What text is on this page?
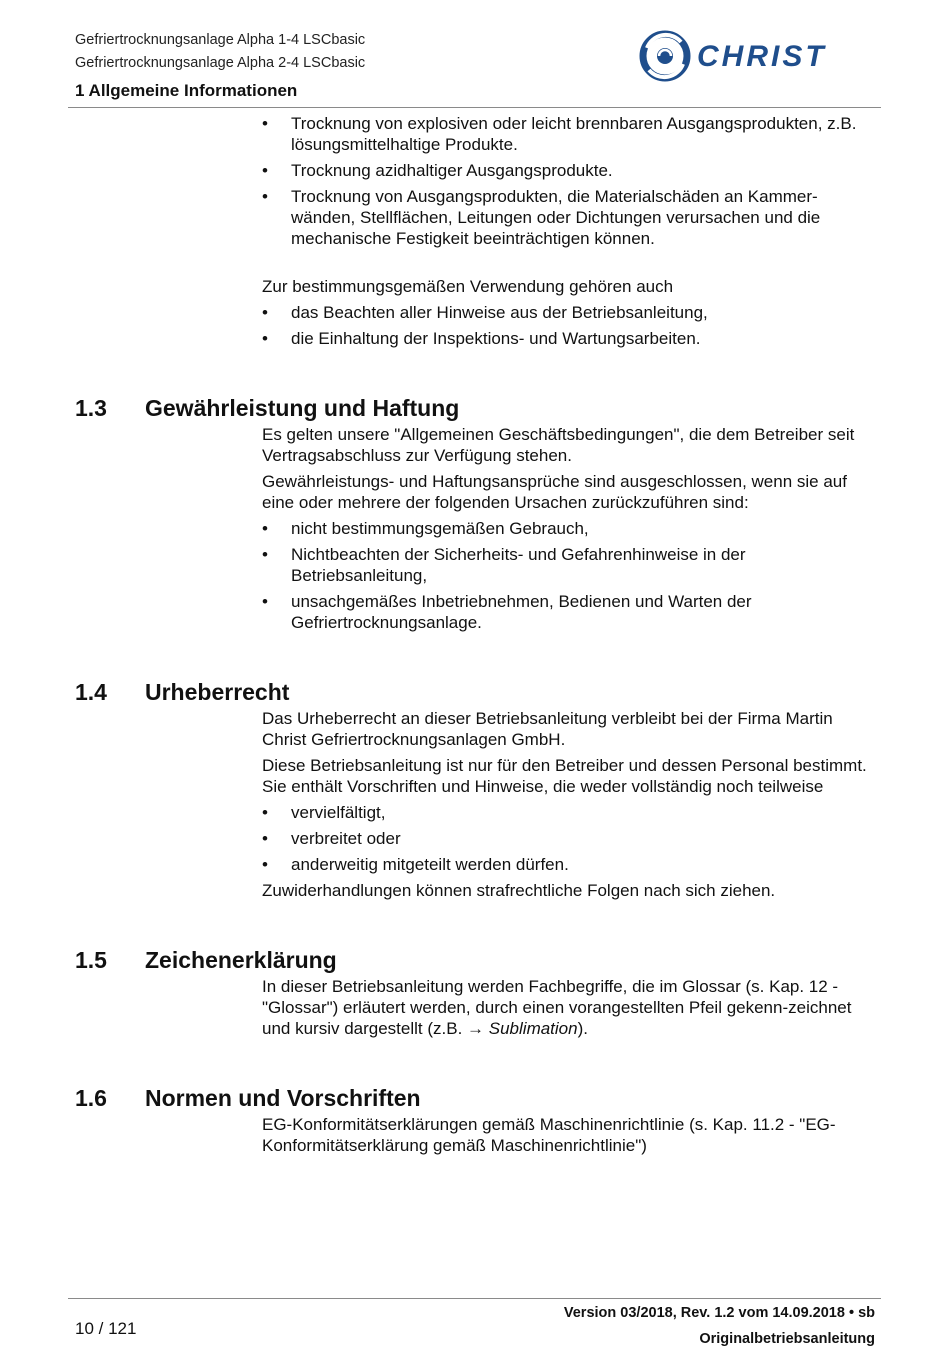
Gefriertrocknungsanlage Alpha 1-4 LSCbasic
Gefriertrocknungsanlage Alpha 2-4 LSCbasic
1 Allgemeine Informationen
CHRIST
• Trocknung von explosiven oder leicht brennbaren Ausgangsprodukten, z.B. lösungsmittelhaltige Produkte.
• Trocknung azidhaltiger Ausgangsprodukte.
• Trocknung von Ausgangsprodukten, die Materialschäden an Kammer-wänden, Stellflächen, Leitungen oder Dichtungen verursachen und die mechanische Festigkeit beeinträchtigen können.

Zur bestimmungsgemäßen Verwendung gehören auch

• das Beachten aller Hinweise aus der Betriebsanleitung,
• die Einhaltung der Inspektions- und Wartungsarbeiten.
1.3 Gewährleistung und Haftung

Es gelten unsere "Allgemeinen Geschäftsbedingungen", die dem Betreiber seit Vertragsabschluss zur Verfügung stehen.

Gewährleistungs- und Haftungsansprüche sind ausgeschlossen, wenn sie auf eine oder mehrere der folgenden Ursachen zurückzuführen sind:

• nicht bestimmungsgemäßen Gebrauch,
• Nichtbeachten der Sicherheits- und Gefahrenhinweise in der Betriebsanleitung,
• unsachgemäßes Inbetriebnehmen, Bedienen und Warten der Gefriertrocknungsanlage.
1.4 Urheberrecht

Das Urheberrecht an dieser Betriebsanleitung verbleibt bei der Firma Martin Christ Gefriertrocknungsanlagen GmbH.

Diese Betriebsanleitung ist nur für den Betreiber und dessen Personal bestimmt. Sie enthält Vorschriften und Hinweise, die weder vollständig noch teilweise

• vervielfältigt,
• verbreitet oder
• anderweitig mitgeteilt werden dürfen.

Zuwiderhandlungen können strafrechtliche Folgen nach sich ziehen.

1.5 Zeichenerklärung

In dieser Betriebsanleitung werden Fachbegriffe, die im Glossar (s. Kap. 12 - "Glossar") erläutert werden, durch einen vorangestellten Pfeil gekenn-zeichnet und kursiv dargestellt (z.B. → Sublimation).

1.6 Normen und Vorschriften

EG-Konformitätserklärungen gemäß Maschinenrichtlinie (s. Kap. 11.2 - "EG-Konformitätserklärung gemäß Maschinenrichtlinie")

10 / 121
Version 03/2018, Rev. 1.2 vom 14.09.2018 • sb
Originalbetriebsanleitung
